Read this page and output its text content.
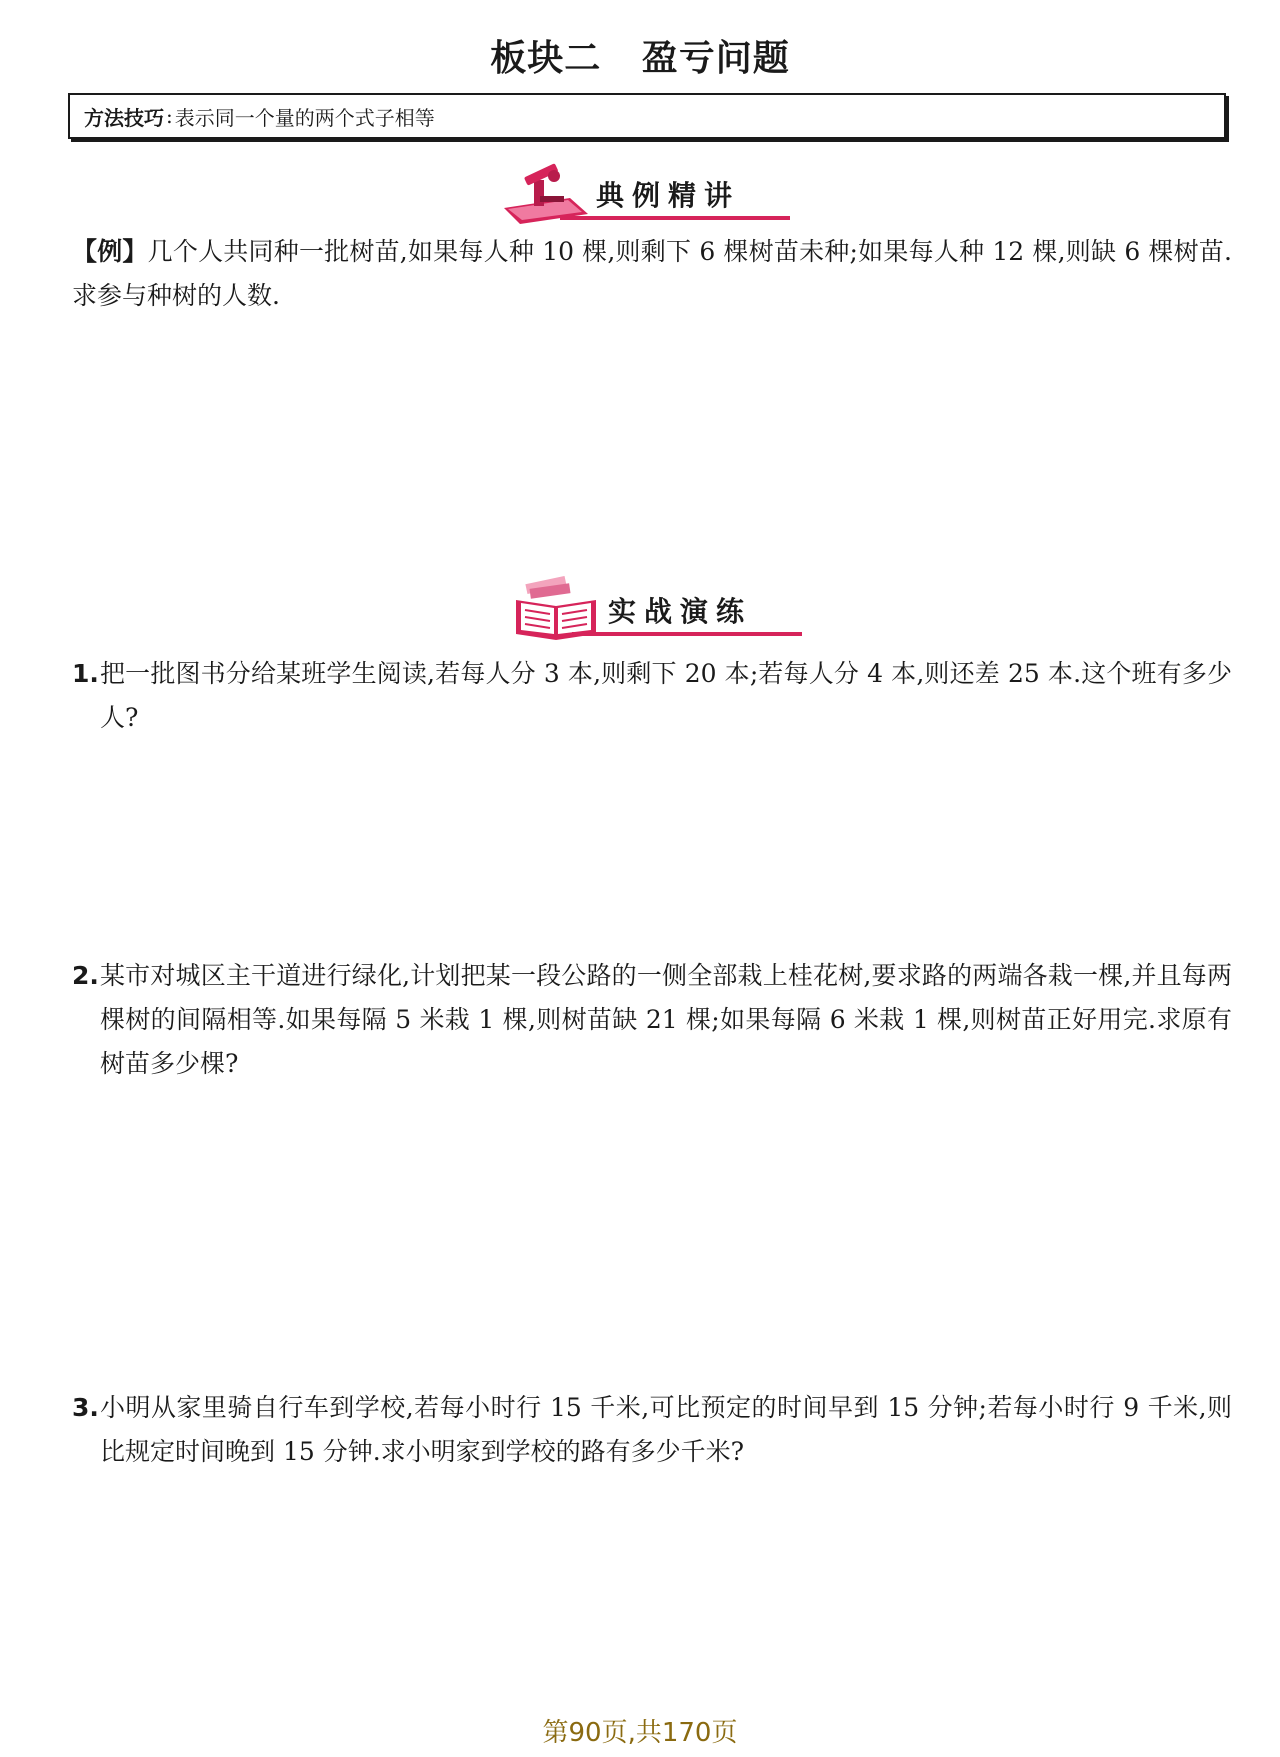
板块二   盈亏问题
方法技巧 : 表示同一个量的两个式子相等
典例精讲
【例】几个人共同种一批树苗,如果每人种 10 棵,则剩下 6 棵树苗未种;如果每人种 12 棵,则缺 6 棵树苗.求参与种树的人数.
实战演练
1. 把一批图书分给某班学生阅读,若每人分 3 本,则剩下 20 本;若每人分 4 本,则还差 25 本.这个班有多少人?
2. 某市对城区主干道进行绿化,计划把某一段公路的一侧全部栽上桂花树,要求路的两端各栽一棵,并且每两棵树的间隔相等.如果每隔 5 米栽 1 棵,则树苗缺 21 棵;如果每隔 6 米栽 1 棵,则树苗正好用完.求原有树苗多少棵?
3. 小明从家里骑自行车到学校,若每小时行 15 千米,可比预定的时间早到 15 分钟;若每小时行 9 千米,则比规定时间晚到 15 分钟.求小明家到学校的路有多少千米?
第90页,共170页
